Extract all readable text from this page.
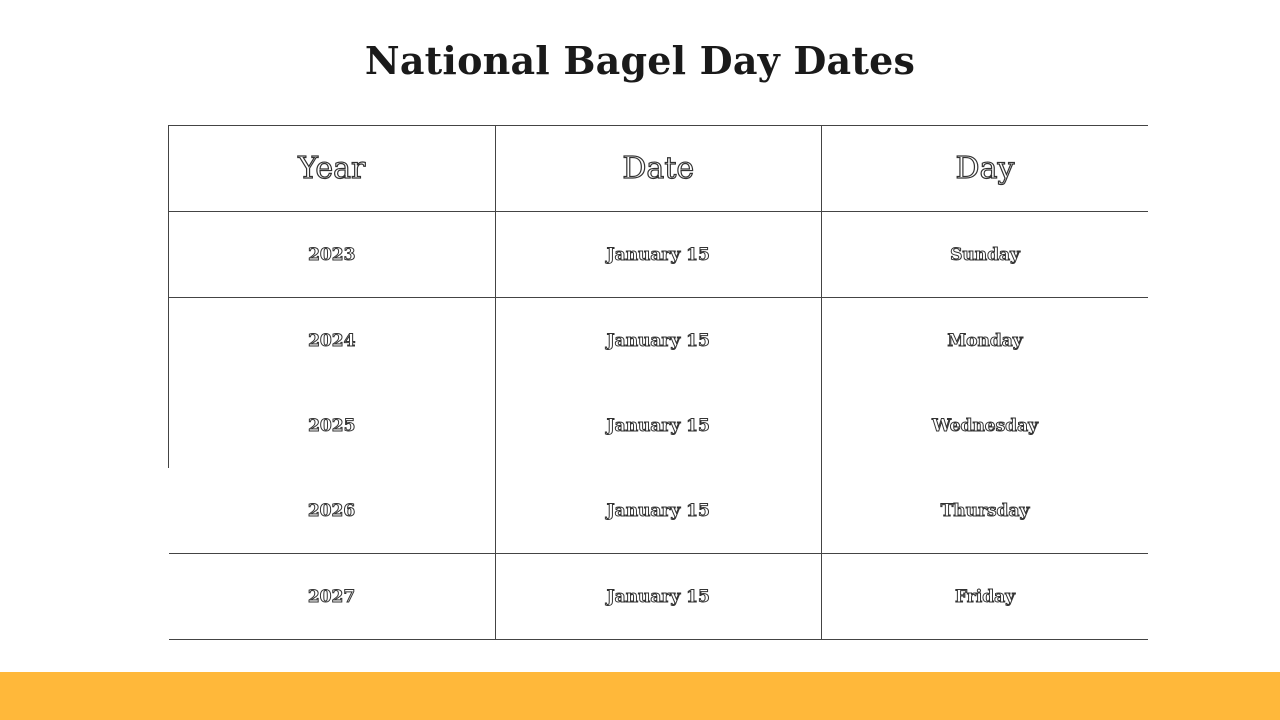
National Bagel Day Dates
Year	Date	Day
2023	January 15	Sunday
2024	January 15	Monday
2025	January 15	Wednesday
2026	January 15	Thursday
2027	January 15	Friday
